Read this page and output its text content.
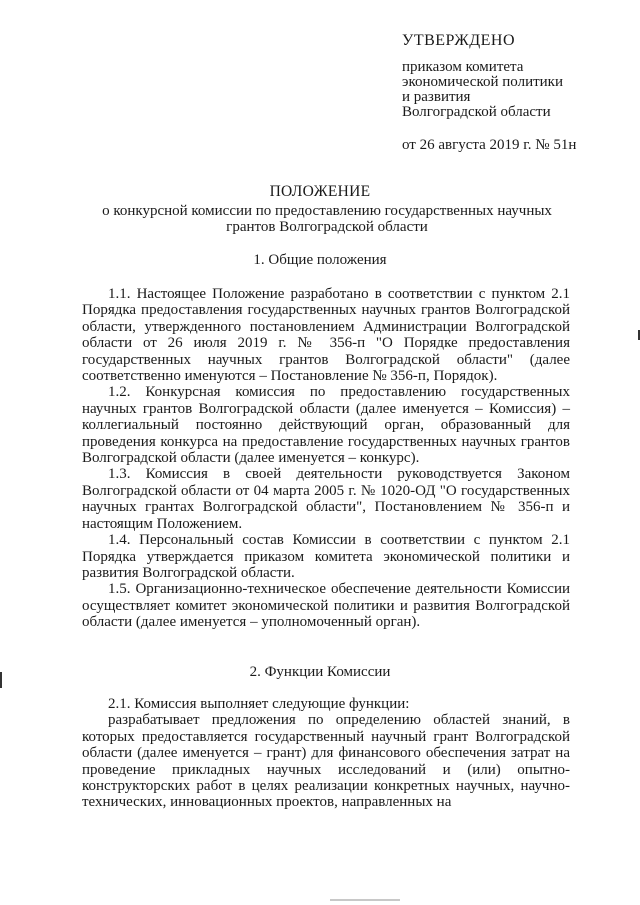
УТВЕРЖДЕНО
приказом комитета
экономической политики
и развития
Волгоградской области
от 26 августа 2019 г. № 51н
ПОЛОЖЕНИЕ
о конкурсной комиссии по предоставлению государственных научных грантов Волгоградской области
1. Общие положения

1.1. Настоящее Положение разработано в соответствии с пунктом 2.1 Порядка предоставления государственных научных грантов Волгоградской области, утвержденного постановлением Администрации Волгоградской области от 26 июля 2019 г. № 356-п "О Порядке предоставления государственных научных грантов Волгоградской области" (далее соответственно именуются – Постановление № 356-п, Порядок).

1.2. Конкурсная комиссия по предоставлению государственных научных грантов Волгоградской области (далее именуется – Комиссия) – коллегиальный постоянно действующий орган, образованный для проведения конкурса на предоставление государственных научных грантов Волгоградской области (далее именуется – конкурс).

1.3. Комиссия в своей деятельности руководствуется Законом Волгоградской области от 04 марта 2005 г. № 1020-ОД "О государственных научных грантах Волгоградской области", Постановлением № 356-п и настоящим Положением.

1.4. Персональный состав Комиссии в соответствии с пунктом 2.1 Порядка утверждается приказом комитета экономической политики и развития Волгоградской области.

1.5. Организационно-техническое обеспечение деятельности Комиссии осуществляет комитет экономической политики и развития Волгоградской области (далее именуется – уполномоченный орган).

2. Функции Комиссии

2.1. Комиссия выполняет следующие функции:

разрабатывает предложения по определению областей знаний, в которых предоставляется государственный научный грант Волгоградской области (далее именуется – грант) для финансового обеспечения затрат на проведение прикладных научных исследований и (или) опытно-конструкторских работ в целях реализации конкретных научных, научно-технических, инновационных проектов, направленных на
